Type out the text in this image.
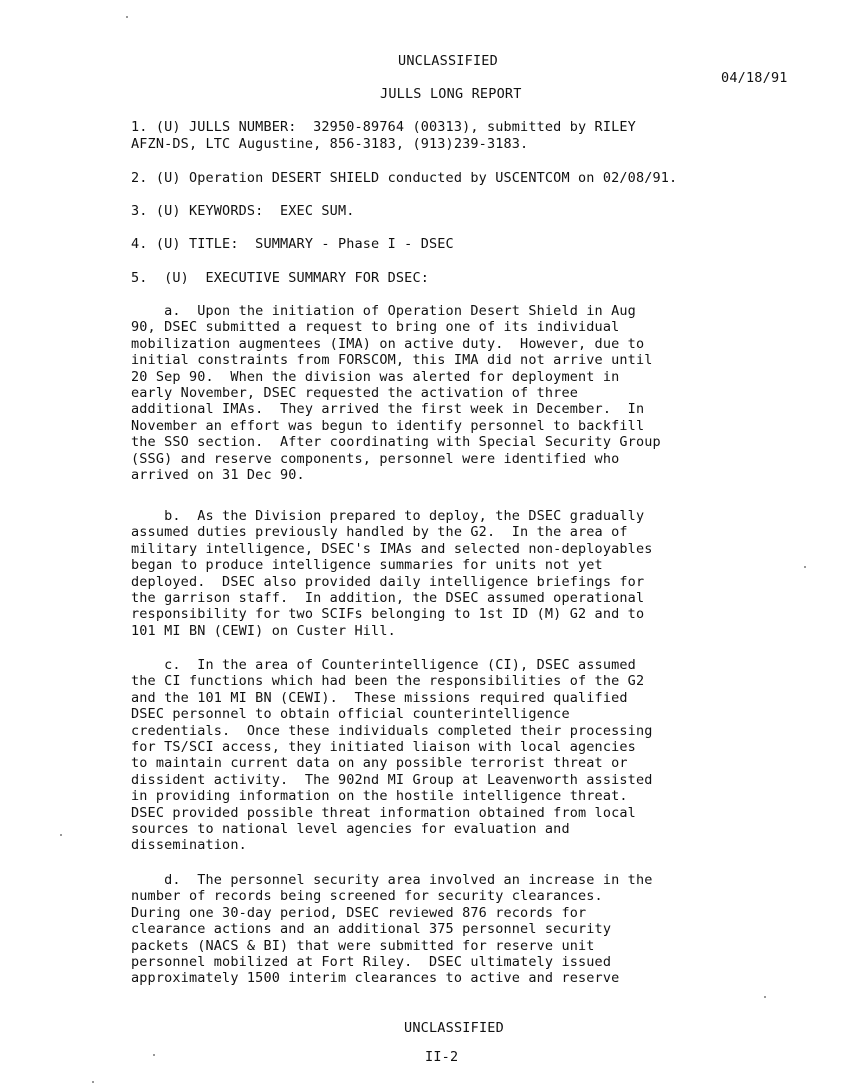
UNCLASSIFIED
04/18/91
JULLS LONG REPORT
1. (U) JULLS NUMBER:  32950-89764 (00313), submitted by RILEY
AFZN-DS, LTC Augustine, 856-3183, (913)239-3183.
2. (U) Operation DESERT SHIELD conducted by USCENTCOM on 02/08/91.
3. (U) KEYWORDS:  EXEC SUM.
4. (U) TITLE:  SUMMARY - Phase I - DSEC
5.  (U)  EXECUTIVE SUMMARY FOR DSEC:
a.  Upon the initiation of Operation Desert Shield in Aug
90, DSEC submitted a request to bring one of its individual
mobilization augmentees (IMA) on active duty.  However, due to
initial constraints from FORSCOM, this IMA did not arrive until
20 Sep 90.  When the division was alerted for deployment in
early November, DSEC requested the activation of three
additional IMAs.  They arrived the first week in December.  In
November an effort was begun to identify personnel to backfill
the SSO section.  After coordinating with Special Security Group
(SSG) and reserve components, personnel were identified who
arrived on 31 Dec 90.
b.  As the Division prepared to deploy, the DSEC gradually
assumed duties previously handled by the G2.  In the area of
military intelligence, DSEC's IMAs and selected non-deployables
began to produce intelligence summaries for units not yet
deployed.  DSEC also provided daily intelligence briefings for
the garrison staff.  In addition, the DSEC assumed operational
responsibility for two SCIFs belonging to 1st ID (M) G2 and to
101 MI BN (CEWI) on Custer Hill.
c.  In the area of Counterintelligence (CI), DSEC assumed
the CI functions which had been the responsibilities of the G2
and the 101 MI BN (CEWI).  These missions required qualified
DSEC personnel to obtain official counterintelligence
credentials.  Once these individuals completed their processing
for TS/SCI access, they initiated liaison with local agencies
to maintain current data on any possible terrorist threat or
dissident activity.  The 902nd MI Group at Leavenworth assisted
in providing information on the hostile intelligence threat.
DSEC provided possible threat information obtained from local
sources to national level agencies for evaluation and
dissemination.
d.  The personnel security area involved an increase in the
number of records being screened for security clearances.
During one 30-day period, DSEC reviewed 876 records for
clearance actions and an additional 375 personnel security
packets (NACS & BI) that were submitted for reserve unit
personnel mobilized at Fort Riley.  DSEC ultimately issued
approximately 1500 interim clearances to active and reserve
UNCLASSIFIED
II-2
